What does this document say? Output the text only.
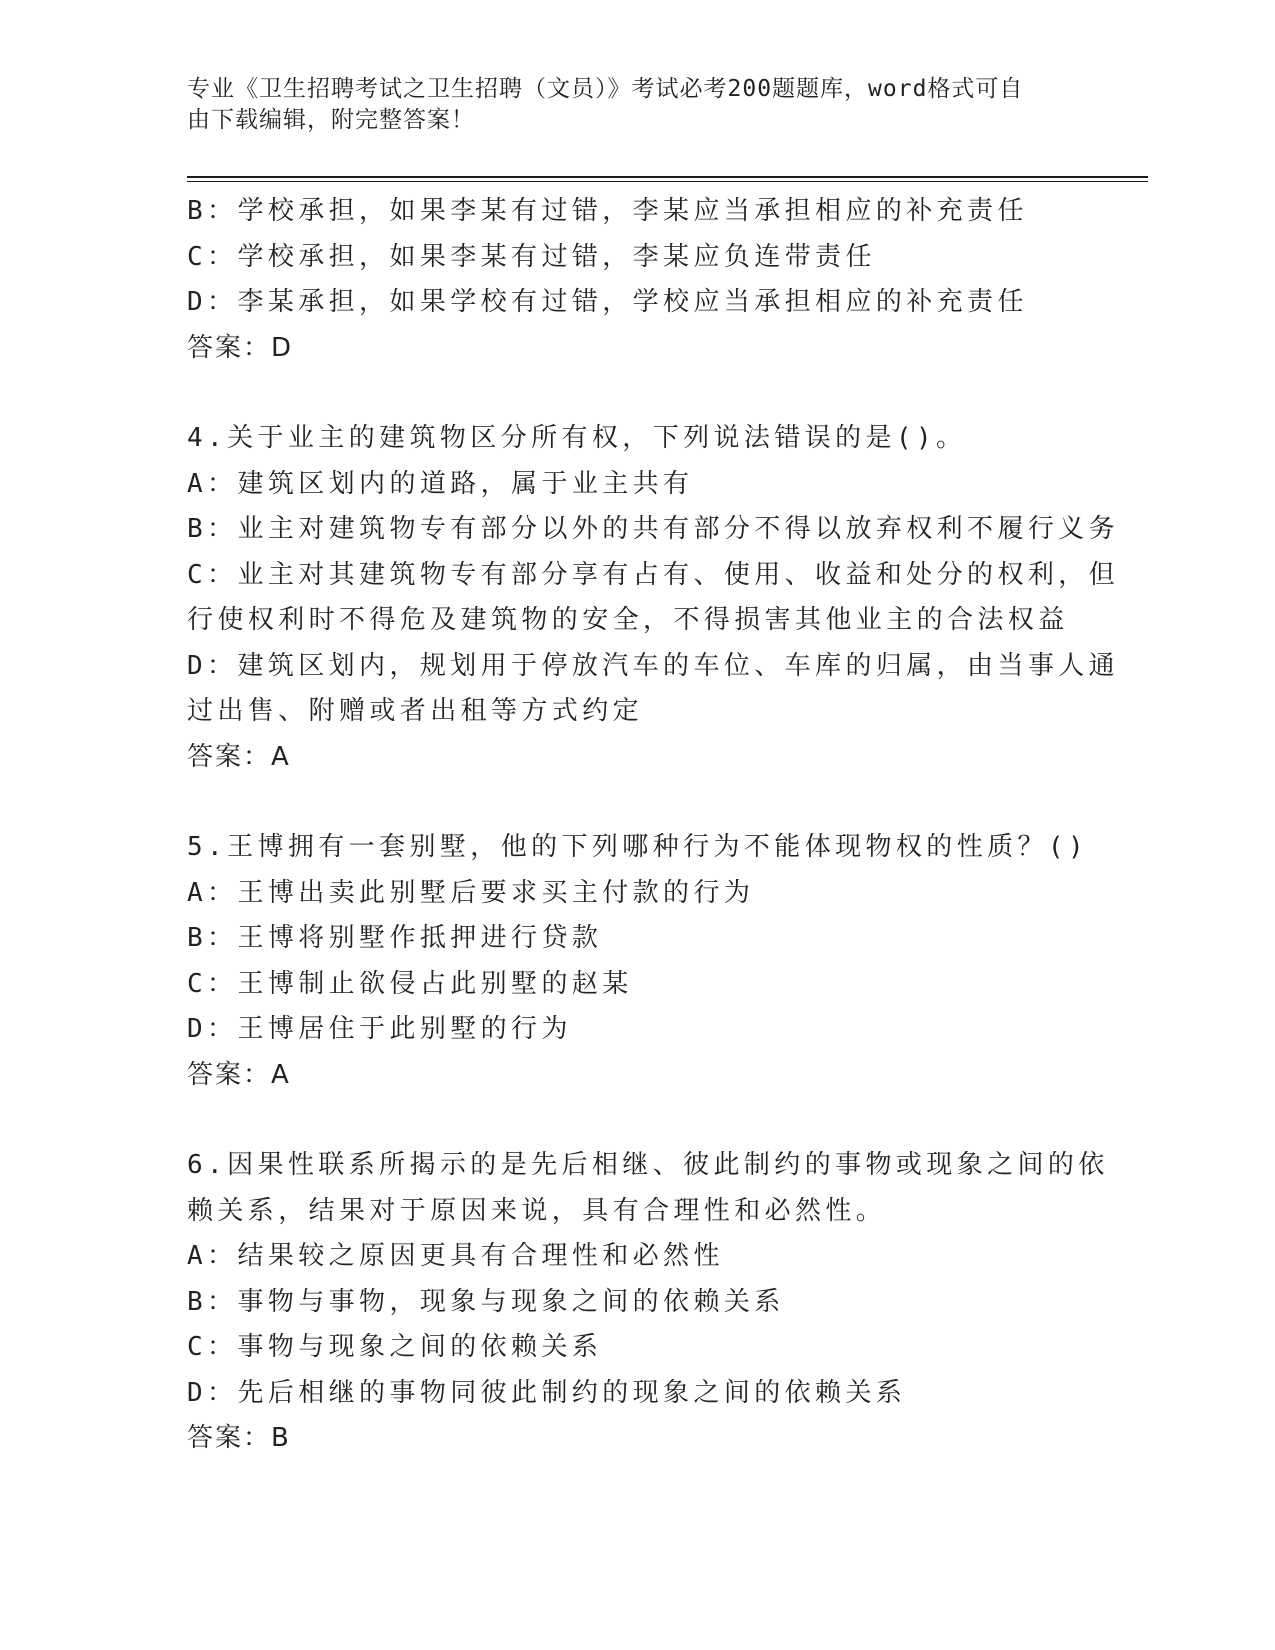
专业《卫生招聘考试之卫生招聘（文员）》考试必考200题题库，word格式可自
由下载编辑，附完整答案！
B：学校承担，如果李某有过错，李某应当承担相应的补充责任
C：学校承担，如果李某有过错，李某应负连带责任
D：李某承担，如果学校有过错，学校应当承担相应的补充责任
答案：D
4.关于业主的建筑物区分所有权，下列说法错误的是()。
A：建筑区划内的道路，属于业主共有
B：业主对建筑物专有部分以外的共有部分不得以放弃权利不履行义务
C：业主对其建筑物专有部分享有占有、使用、收益和处分的权利，但
行使权利时不得危及建筑物的安全，不得损害其他业主的合法权益
D：建筑区划内，规划用于停放汽车的车位、车库的归属，由当事人通
过出售、附赠或者出租等方式约定
答案：A
5.王博拥有一套别墅，他的下列哪种行为不能体现物权的性质？()
A：王博出卖此别墅后要求买主付款的行为
B：王博将别墅作抵押进行贷款
C：王博制止欲侵占此别墅的赵某
D：王博居住于此别墅的行为
答案：A
6.因果性联系所揭示的是先后相继、彼此制约的事物或现象之间的依
赖关系，结果对于原因来说，具有合理性和必然性。
A：结果较之原因更具有合理性和必然性
B：事物与事物，现象与现象之间的依赖关系
C：事物与现象之间的依赖关系
D：先后相继的事物同彼此制约的现象之间的依赖关系
答案：B
